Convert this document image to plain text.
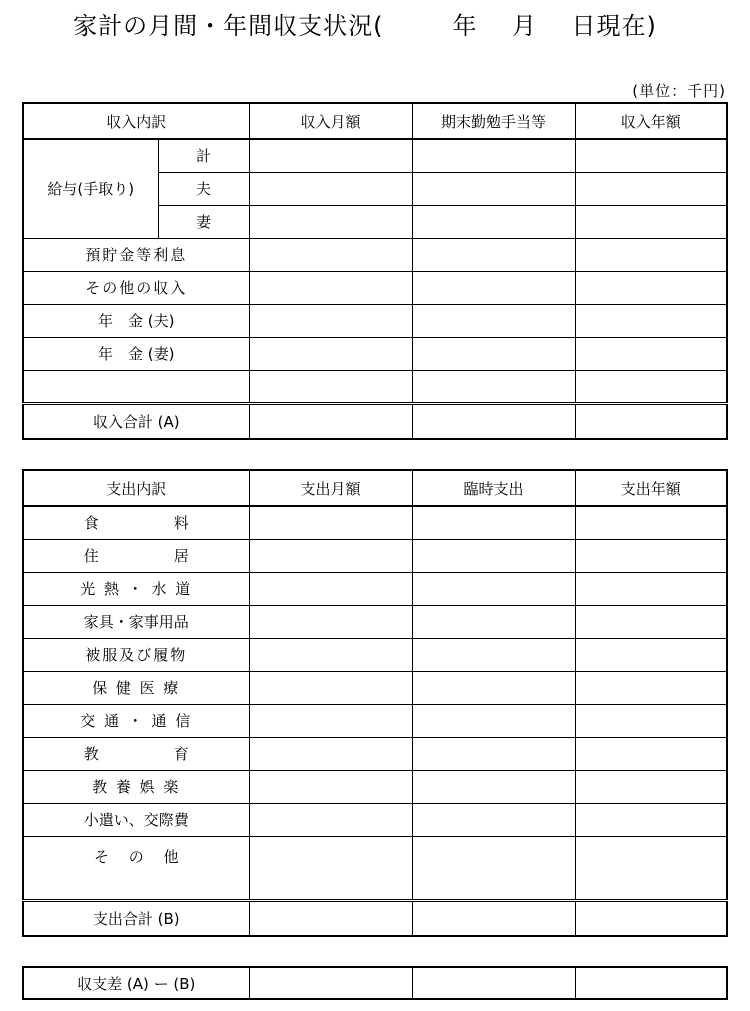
家計の月間・年間収支状況(	年 月 日現在)
(単位：千円)
収入内訳		収入月額	期末勤勉手当等	収入年額
給与(手取り)	計			
	夫			
	妻			
預貯金等利息				
その他の収入				
年　金 (夫)				
年　金 (妻)				

収入合計 (A)				
支出内訳	支出月額	臨時支出	支出年額
食　　　　　料			
住　　　　　居			
光 熱 ・ 水 道			
家具・家事用品			
被服及び履物			
保 健 医 療			
交 通 ・ 通 信			
教　　　　　育			
教 養 娯 楽			
小遣い、交際費			
そ　 の　 他			
支出合計 (B)			
収支差 (A) ー (B)			
